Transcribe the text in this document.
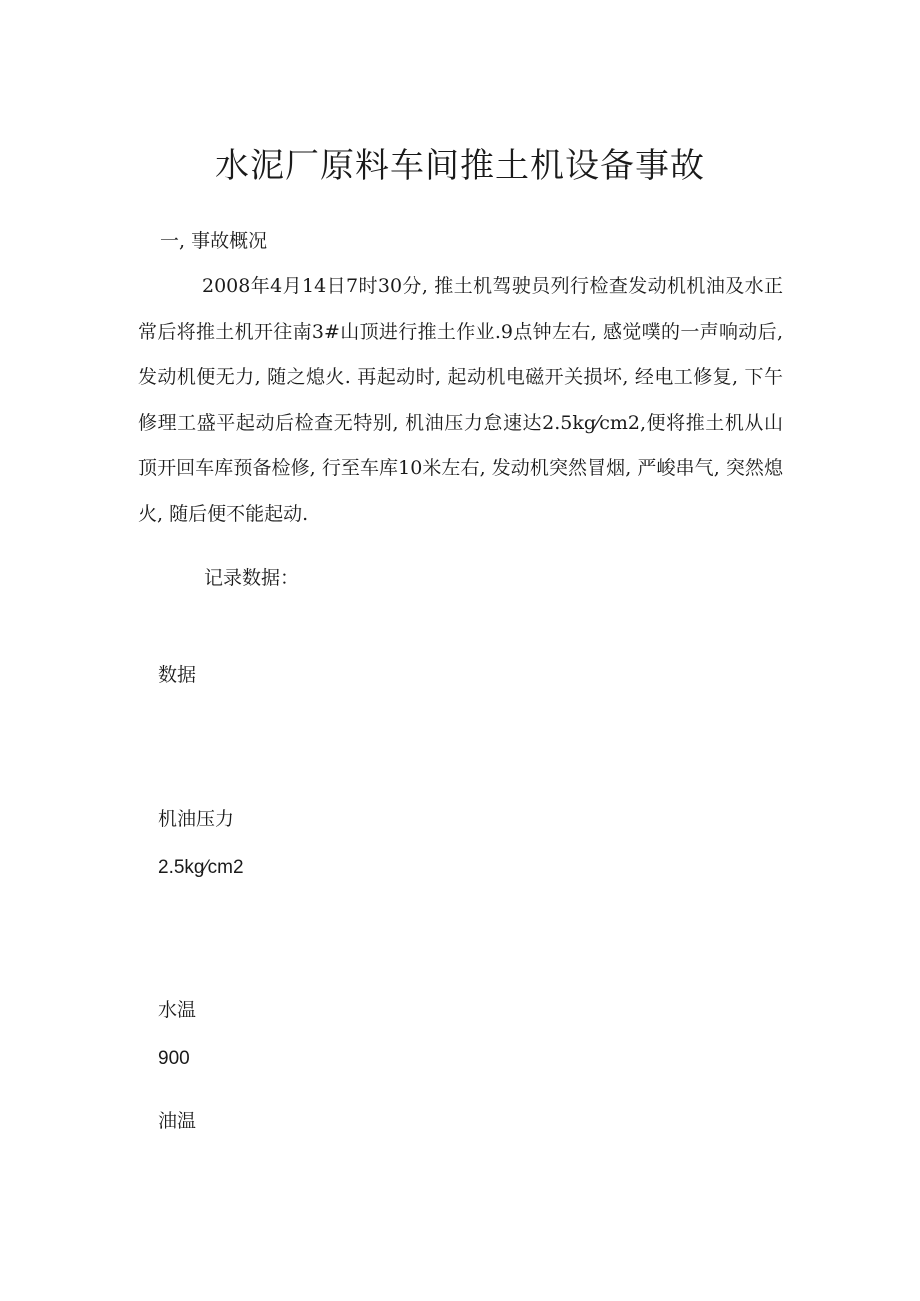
水泥厂原料车间推土机设备事故

一, 事故概况

2008年4月14日7时30分, 推土机驾驶员列行检查发动机机油及水正常后将推土机开往南3#山顶进行推土作业.9点钟左右, 感觉噗的一声响动后, 发动机便无力, 随之熄火. 再起动时, 起动机电磁开关损坏, 经电工修复, 下午修理工盛平起动后检查无特别, 机油压力怠速达2.5kg⁄cm2,便将推土机从山顶开回车库预备检修, 行至车库10米左右, 发动机突然冒烟, 严峻串气, 突然熄火, 随后便不能起动.

记录数据：

数据

机油压力

2.5kg⁄cm2

水温

900

油温
